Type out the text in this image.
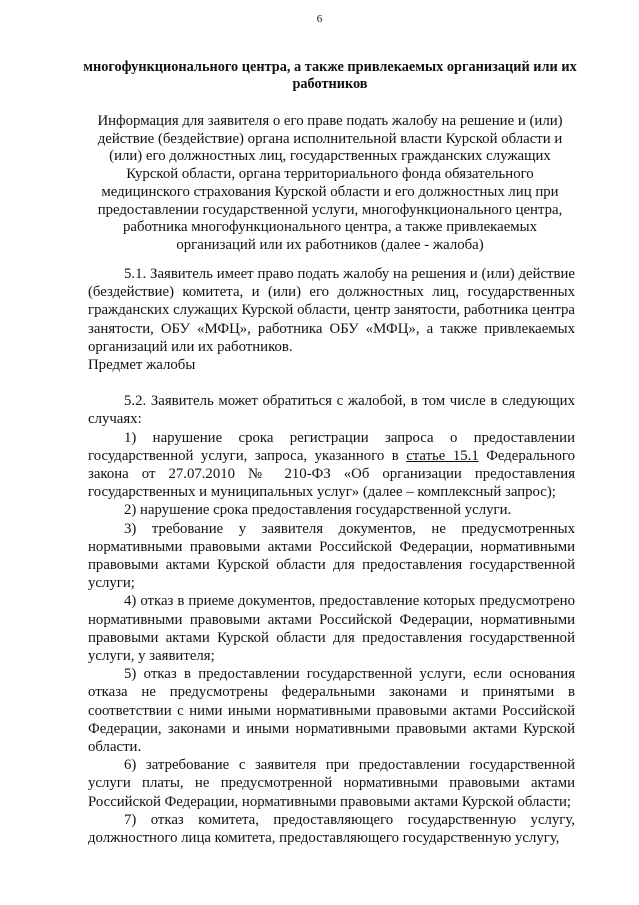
6
многофункционального центра, а также привлекаемых организаций или их работников
Информация для заявителя о его праве подать жалобу на решение и (или) действие (бездействие) органа исполнительной власти Курской области и (или) его должностных лиц, государственных гражданских служащих Курской области, органа территориального фонда обязательного медицинского страхования Курской области и его должностных лиц при предоставлении государственной услуги, многофункционального центра, работника многофункционального центра, а также привлекаемых организаций или их работников (далее - жалоба)

5.1. Заявитель имеет право подать жалобу на решения и (или) действие (бездействие) комитета, и (или) его должностных лиц, государственных гражданских служащих Курской области, центр занятости, работника центра занятости, ОБУ «МФЦ», работника ОБУ «МФЦ», а также привлекаемых организаций или их работников.

Предмет жалобы

5.2. Заявитель может обратиться с жалобой, в том числе в следующих случаях:

1) нарушение срока регистрации запроса о предоставлении государственной услуги, запроса, указанного в статье 15.1 Федерального закона от 27.07.2010 № 210-ФЗ «Об организации предоставления государственных и муниципальных услуг» (далее – комплексный запрос);

2) нарушение срока предоставления государственной услуги.

3) требование у заявителя документов, не предусмотренных нормативными правовыми актами Российской Федерации, нормативными правовыми актами Курской области для предоставления государственной услуги;

4) отказ в приеме документов, предоставление которых предусмотрено нормативными правовыми актами Российской Федерации, нормативными правовыми актами Курской области для предоставления государственной услуги, у заявителя;

5) отказ в предоставлении государственной услуги, если основания отказа не предусмотрены федеральными законами и принятыми в соответствии с ними иными нормативными правовыми актами Российской Федерации, законами и иными нормативными правовыми актами Курской области.

6) затребование с заявителя при предоставлении государственной услуги платы, не предусмотренной нормативными правовыми актами Российской Федерации, нормативными правовыми актами Курской области;

7) отказ комитета, предоставляющего государственную услугу, должностного лица комитета, предоставляющего государственную услугу,
